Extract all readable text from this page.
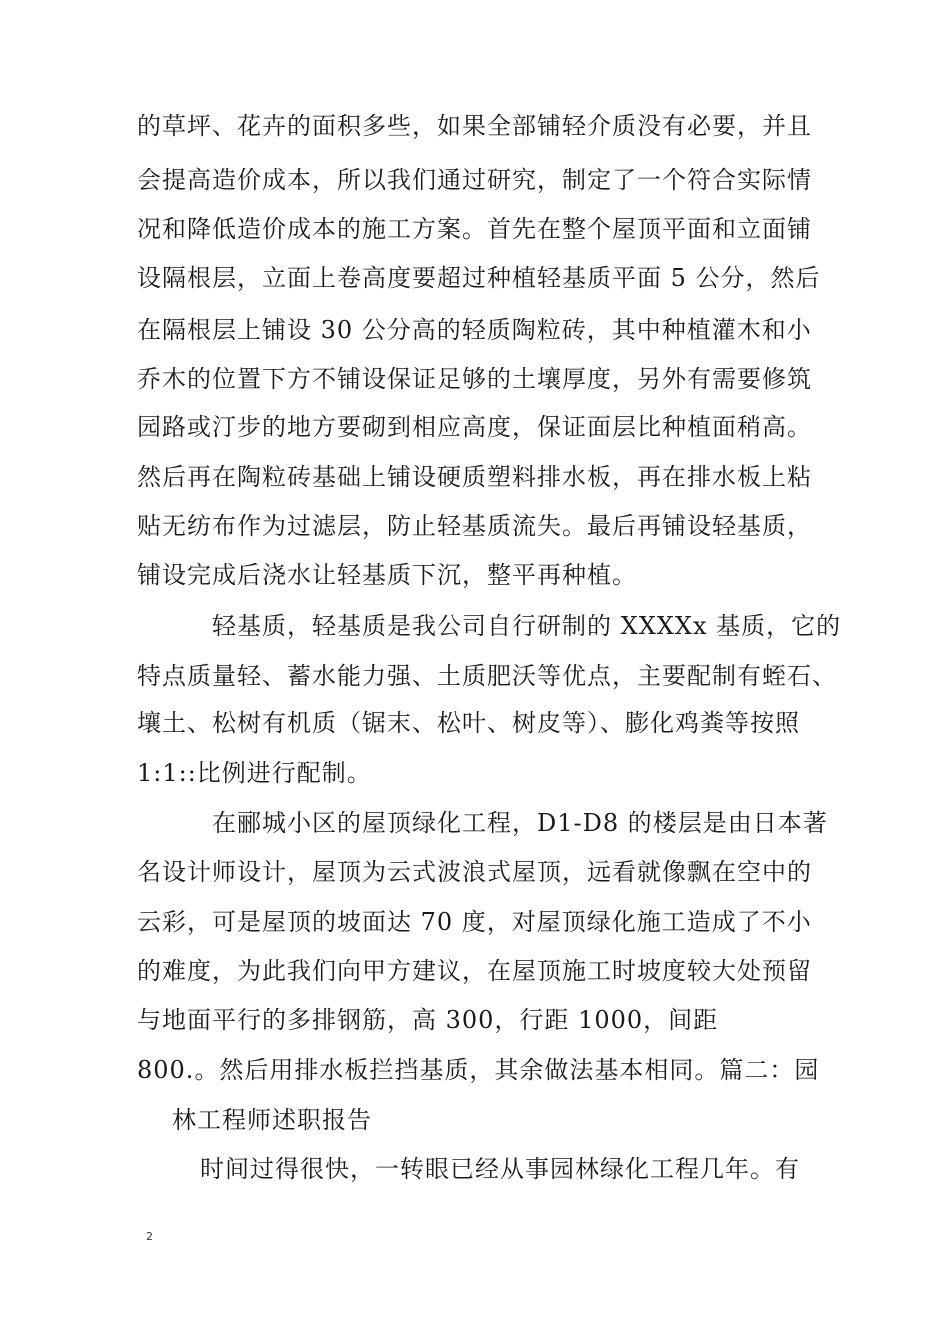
的草坪、花卉的面积多些，如果全部铺轻介质没有必要，并且
会提高造价成本，所以我们通过研究，制定了一个符合实际情
况和降低造价成本的施工方案。首先在整个屋顶平面和立面铺
设隔根层，立面上卷高度要超过种植轻基质平面 5 公分，然后
在隔根层上铺设 30 公分高的轻质陶粒砖，其中种植灌木和小
乔木的位置下方不铺设保证足够的土壤厚度，另外有需要修筑
园路或汀步的地方要砌到相应高度，保证面层比种植面稍高。
然后再在陶粒砖基础上铺设硬质塑料排水板，再在排水板上粘
贴无纺布作为过滤层，防止轻基质流失。最后再铺设轻基质，
铺设完成后浇水让轻基质下沉，整平再种植。
轻基质，轻基质是我公司自行研制的 XXXXx 基质，它的
特点质量轻、蓄水能力强、土质肥沃等优点，主要配制有蛭石、
壤土、松树有机质（锯末、松叶、树皮等）、膨化鸡粪等按照
1:1::比例进行配制。
在郦城小区的屋顶绿化工程，D1-D8 的楼层是由日本著
名设计师设计，屋顶为云式波浪式屋顶，远看就像飘在空中的
云彩，可是屋顶的坡面达 70 度，对屋顶绿化施工造成了不小
的难度，为此我们向甲方建议，在屋顶施工时坡度较大处预留
与地面平行的多排钢筋，高 300，行距 1000，间距
800.。然后用排水板拦挡基质，其余做法基本相同。篇二：园
林工程师述职报告
时间过得很快，一转眼已经从事园林绿化工程几年。有
2
